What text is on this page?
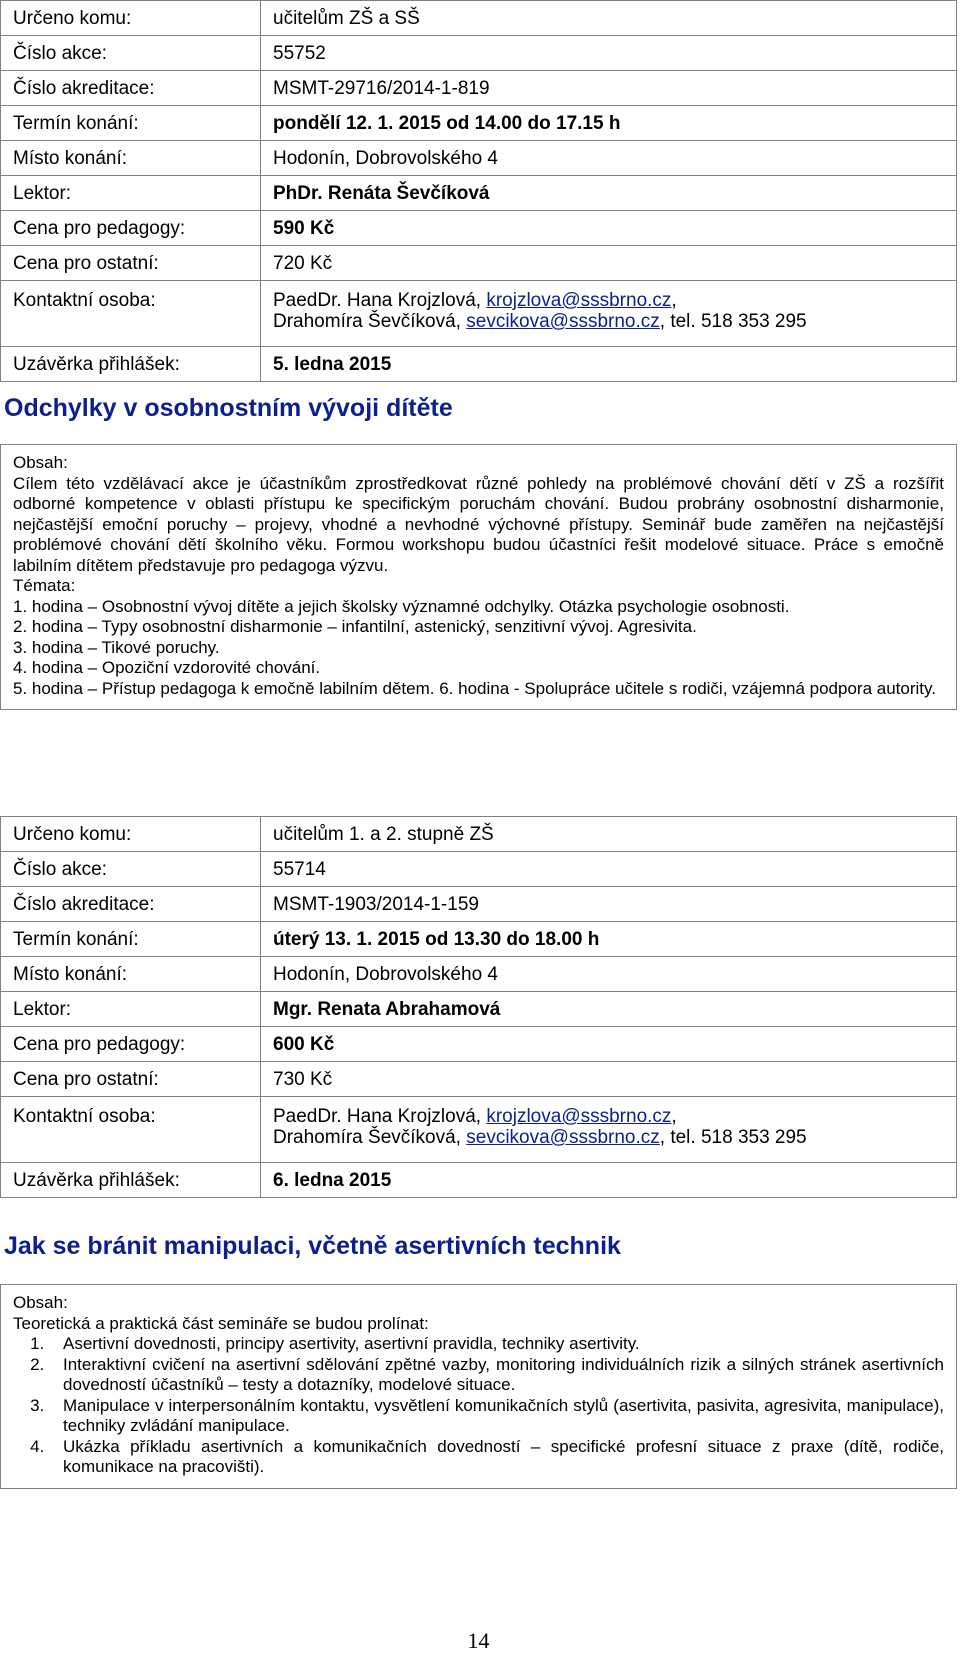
Určeno komu:	učitelům ZŠ a SŠ
Číslo akce:	55752
Číslo akreditace:	MSMT-29716/2014-1-819
Termín konání:	pondělí 12. 1. 2015 od 14.00 do 17.15 h
Místo konání:	Hodonín, Dobrovolského 4
Lektor:	PhDr. Renáta Ševčíková
Cena pro pedagogy:	590 Kč
Cena pro ostatní:	720 Kč
Kontaktní osoba:	PaedDr. Hana Krojzlová, krojzlova@sssbrno.cz,
Drahomíra Ševčíková, sevcikova@sssbrno.cz, tel. 518 353 295
Uzávěrka přihlášek:	5. ledna 2015
Odchylky v osobnostním vývoji dítěte

Obsah:

Cílem této vzdělávací akce je účastníkům zprostředkovat různé pohledy na problémové chování dětí v ZŠ a rozšířit odborné kompetence v oblasti přístupu ke specifickým poruchám chování. Budou probrány osobnostní disharmonie, nejčastější emoční poruchy – projevy, vhodné a nevhodné výchovné přístupy. Seminář bude zaměřen na nejčastější problémové chování dětí školního věku. Formou workshopu budou účastníci řešit modelové situace. Práce s emočně labilním dítětem představuje pro pedagoga výzvu.

Témata:

1. hodina – Osobnostní vývoj dítěte a jejich školsky významné odchylky. Otázka psychologie osobnosti.

2. hodina – Typy osobnostní disharmonie – infantilní, astenický, senzitivní vývoj. Agresivita.

3. hodina – Tikové poruchy.

4. hodina – Opoziční vzdorovité chování.

5. hodina – Přístup pedagoga k emočně labilním dětem. 6. hodina - Spolupráce učitele s rodiči, vzájemná podpora autority.

Určeno komu:	učitelům 1. a 2. stupně ZŠ
Číslo akce:	55714
Číslo akreditace:	MSMT-1903/2014-1-159
Termín konání:	úterý 13. 1. 2015 od 13.30 do 18.00 h
Místo konání:	Hodonín, Dobrovolského 4
Lektor:	Mgr. Renata Abrahamová
Cena pro pedagogy:	600 Kč
Cena pro ostatní:	730 Kč
Kontaktní osoba:	PaedDr. Hana Krojzlová, krojzlova@sssbrno.cz,
Drahomíra Ševčíková, sevcikova@sssbrno.cz, tel. 518 353 295
Uzávěrka přihlášek:	6. ledna 2015
Jak se bránit manipulaci, včetně asertivních technik

Obsah:

Teoretická a praktická část semináře se budou prolínat:

1. Asertivní dovednosti, principy asertivity, asertivní pravidla, techniky asertivity.
2. Interaktivní cvičení na asertivní sdělování zpětné vazby, monitoring individuálních rizik a silných stránek asertivních dovedností účastníků – testy a dotazníky, modelové situace.
3. Manipulace v interpersonálním kontaktu, vysvětlení komunikačních stylů (asertivita, pasivita, agresivita, manipulace), techniky zvládání manipulace.
4. Ukázka příkladu asertivních a komunikačních dovedností – specifické profesní situace z praxe (dítě, rodiče, komunikace na pracovišti).
14
